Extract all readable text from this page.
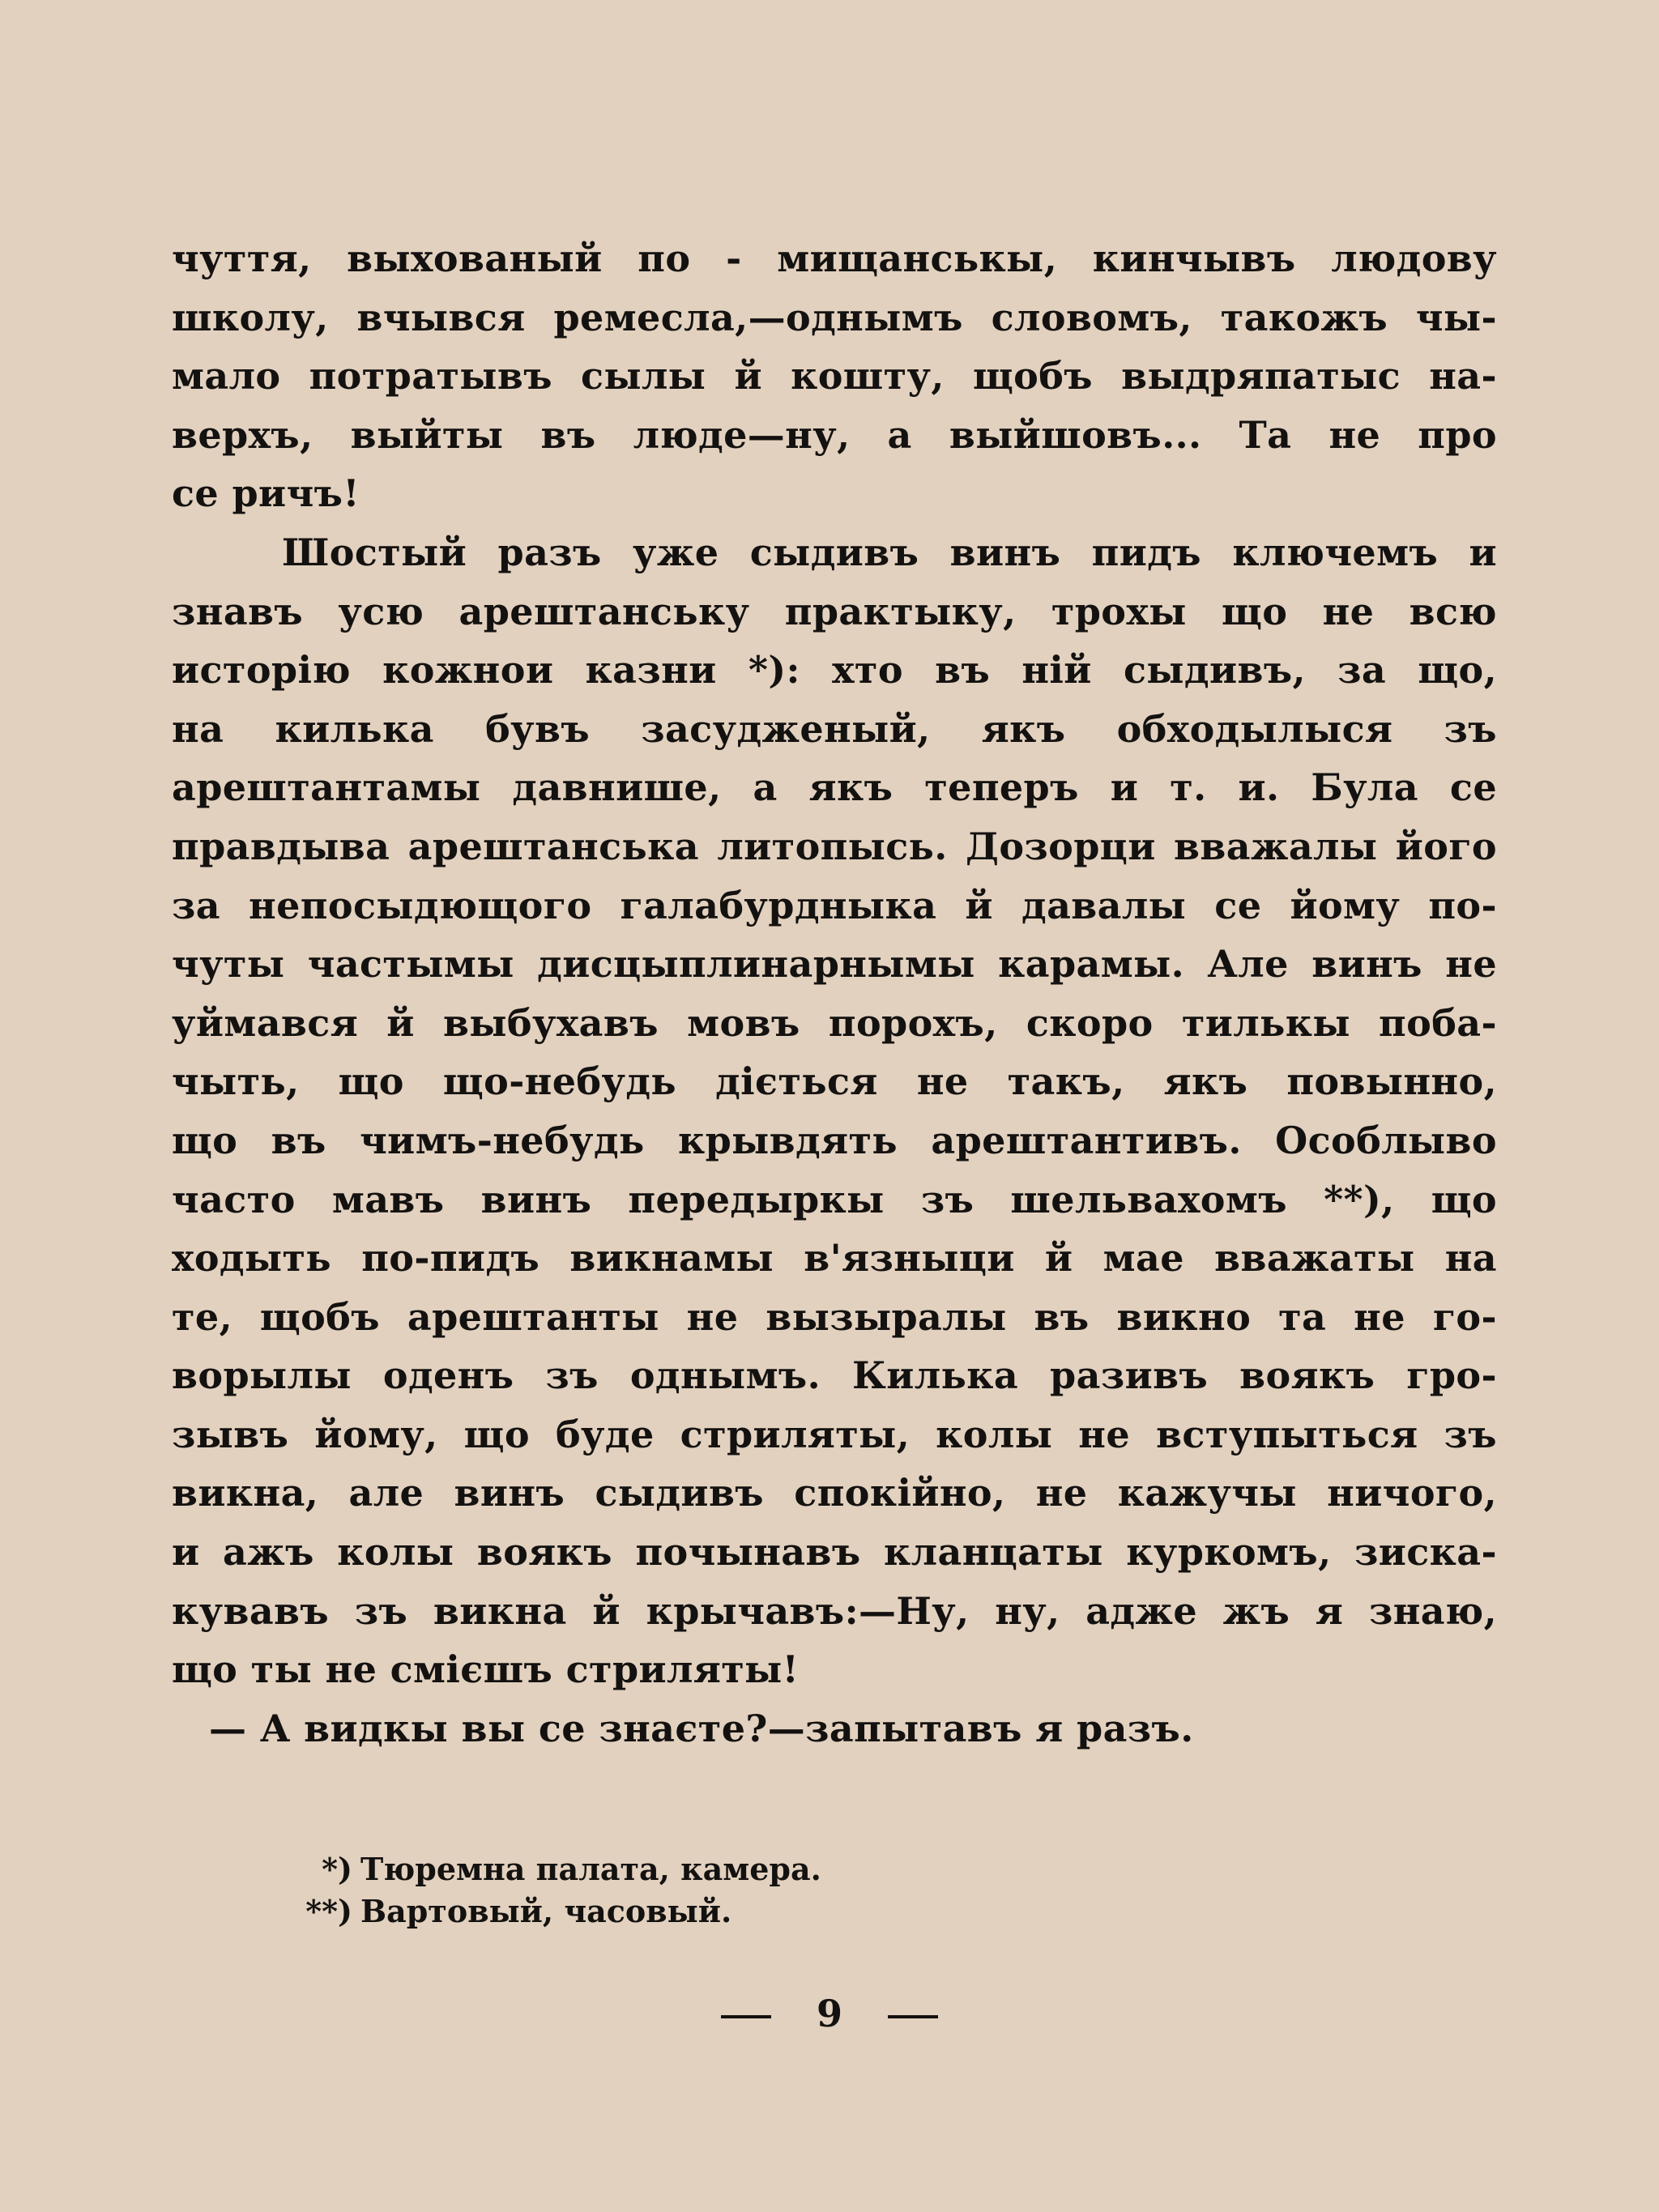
чуття, выхованый по - мищанськы, кинчывъ людову
школу, вчывся ремесла,—однымъ словомъ, такожъ чы-
мало потратывъ сылы й кошту, щобъ выдряпатыс на-
верхъ, выйты въ люде—ну, а выйшовъ... Та не про
се ричъ!

Шостый разъ уже сыдивъ винъ пидъ ключемъ и
знавъ усю арештанську практыку, трохы що не всю
исторію кожнои казни *): хто въ ній сыдивъ, за що,
на килька бувъ засудженый, якъ обходылыся зъ
арештантамы давнише, а якъ теперъ и т. и. Була се
правдыва арештанська литопысь. Дозорци вважалы його
за непосыдющого галабурдныка й давалы се йому по-
чуты частымы дисцыплинарнымы карамы. Але винъ не
уймався й выбухавъ мовъ порохъ, скоро тилькы поба-
чыть, що що-небудь діється не такъ, якъ повынно,
що въ чимъ-небудь крывдять арештантивъ. Особлыво
часто мавъ винъ передыркы зъ шельвахомъ **), що
ходыть по-пидъ викнамы в'язныци й мае вважаты на
те, щобъ арештанты не вызыралы въ викно та не го-
ворылы оденъ зъ однымъ. Килька разивъ воякъ гро-
зывъ йому, що буде стриляты, колы не вступыться зъ
викна, але винъ сыдивъ спокійно, не кажучы ничого,
и ажъ колы воякъ почынавъ кланцаты куркомъ, зиска-
кувавъ зъ викна й крычавъ:—Ну, ну, адже жъ я знаю,
що ты не смієшъ стриляты!

— А видкы вы се знаєте?—запытавъ я разъ.

*) Тюремна палата, камера.
**) Вартовый, часовый.
9
